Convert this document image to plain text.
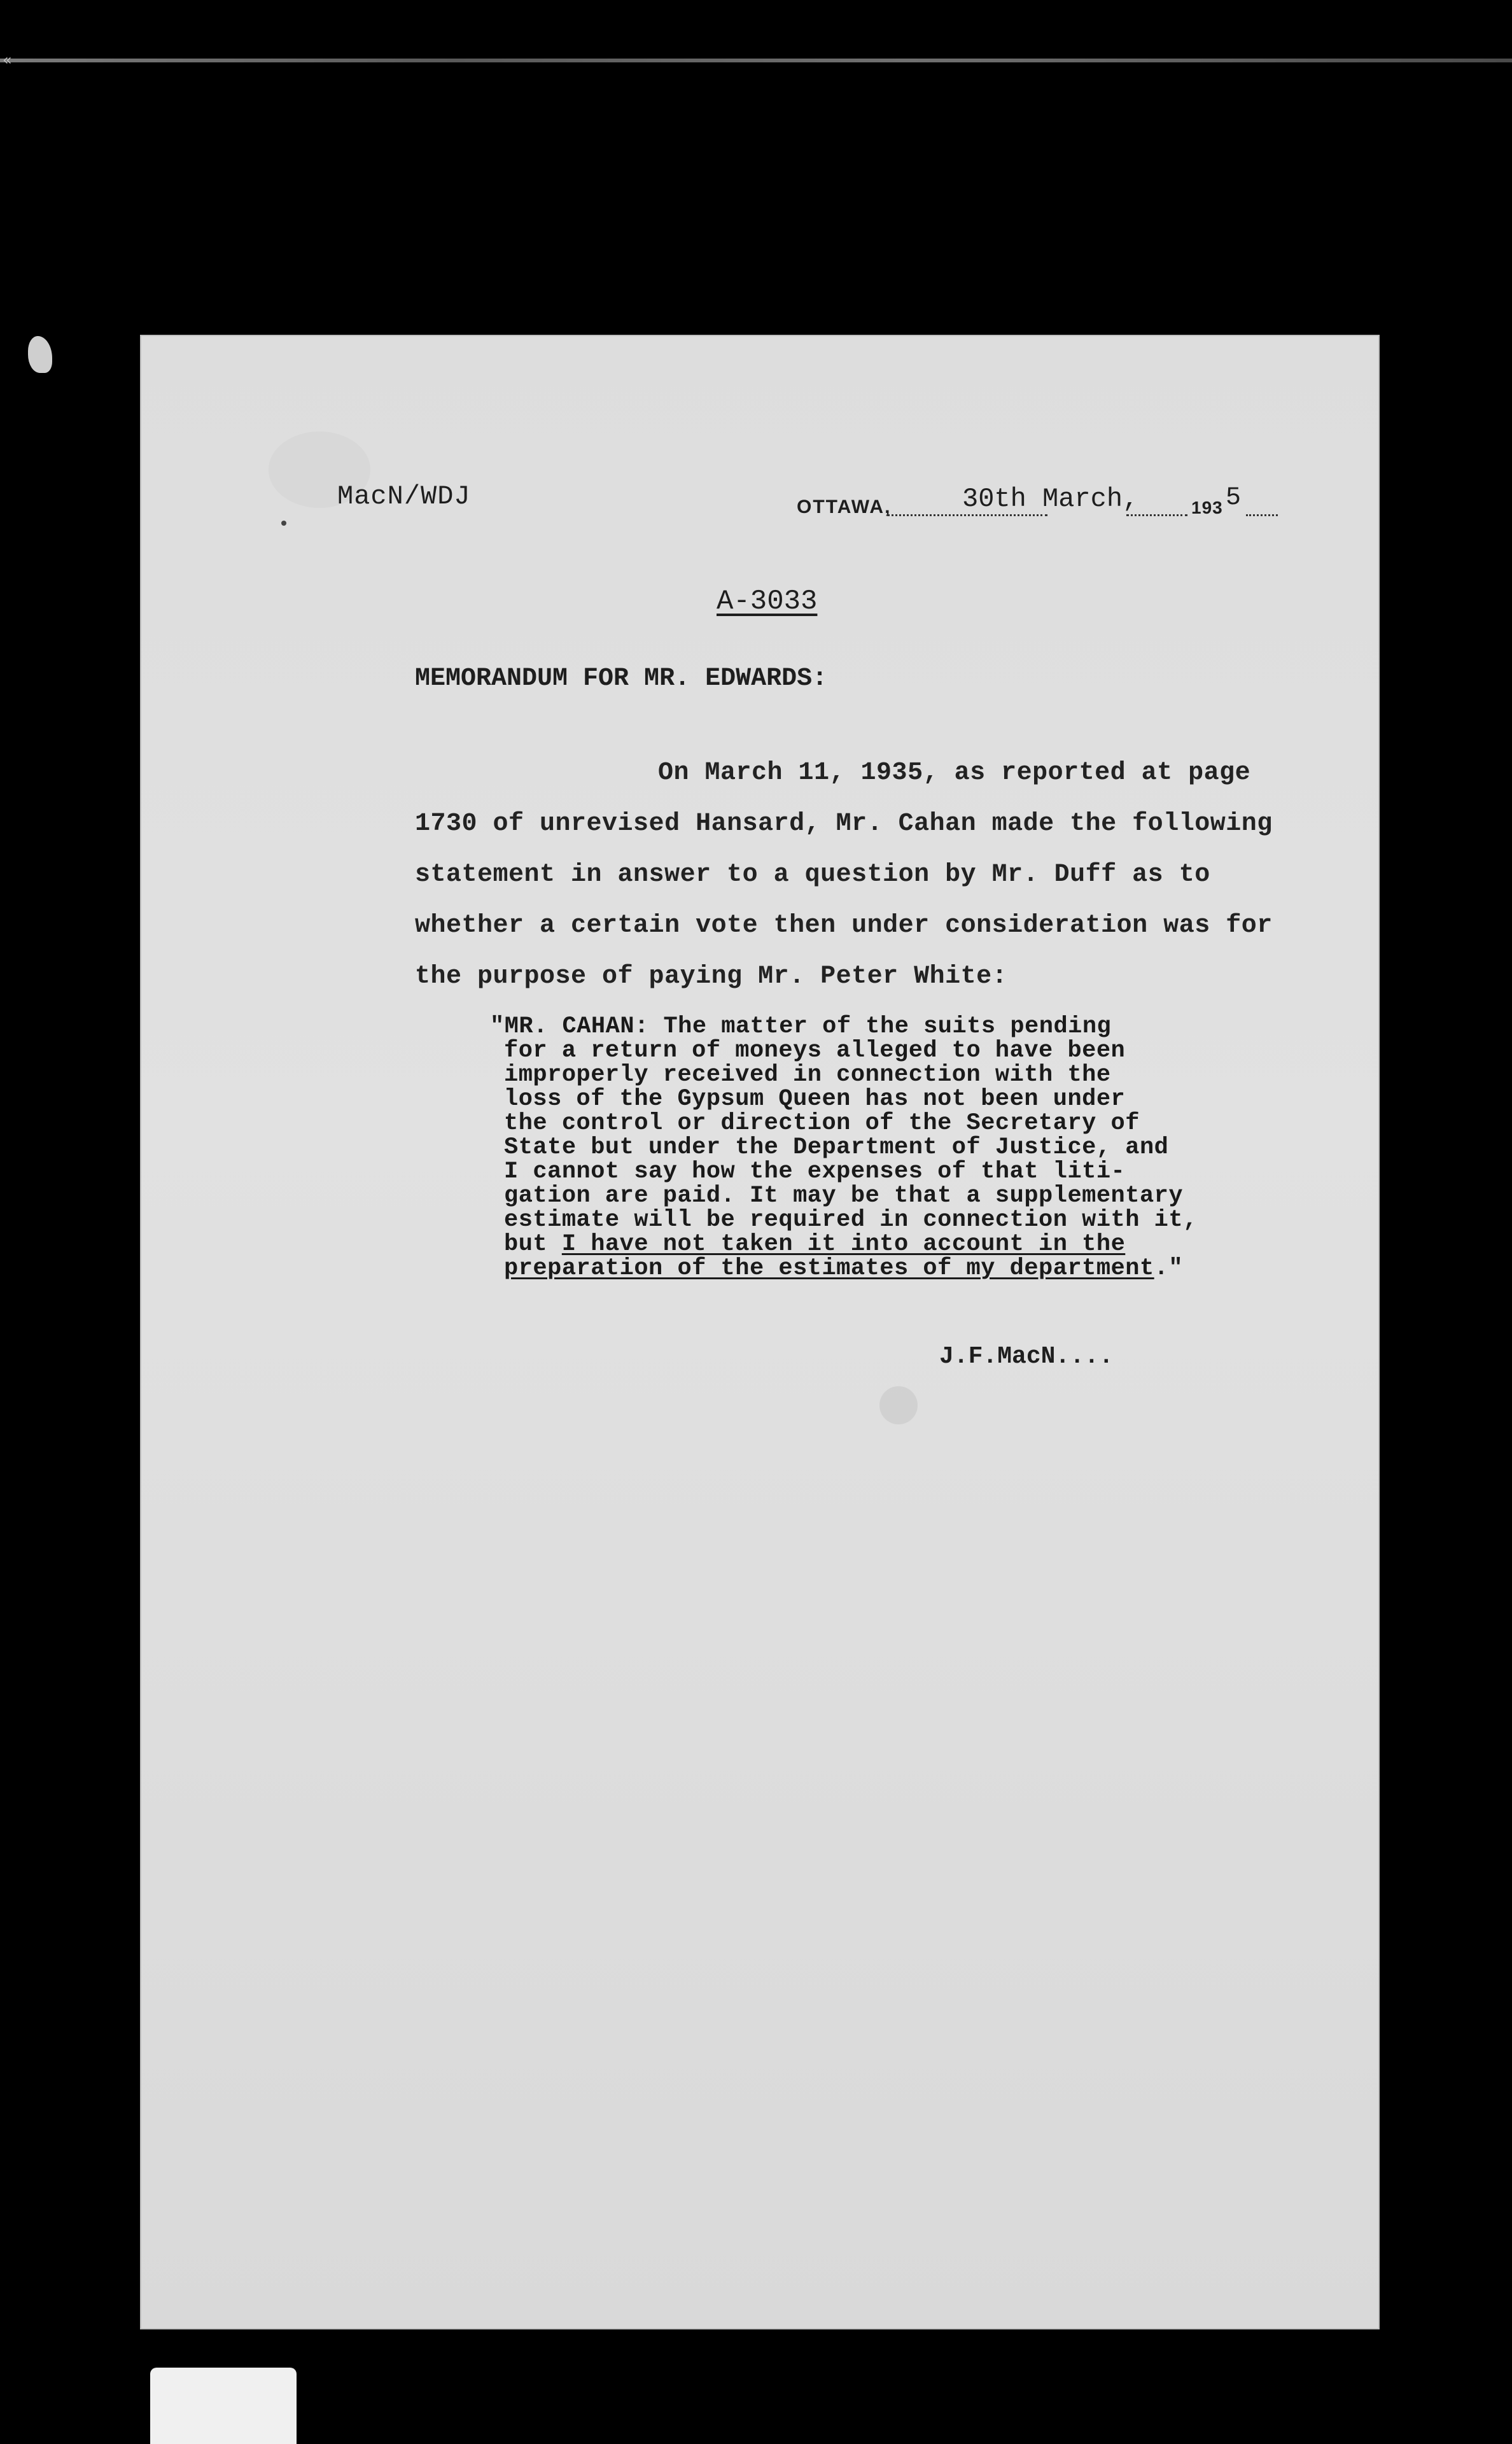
«
MacN/WDJ	OTTAWA,	30th March,	193 5
A-3033
MEMORANDUM FOR MR. EDWARDS:
On March 11, 1935, as reported at page
1730 of unrevised Hansard, Mr. Cahan made the following
statement in answer to a question by Mr. Duff as to
whether a certain vote then under consideration was for
the purpose of paying Mr. Peter White:
"MR. CAHAN: The matter of the suits pending
for a return of moneys alleged to have been
improperly received in connection with the
loss of the Gypsum Queen has not been under
the control or direction of the Secretary of
State but under the Department of Justice, and
I cannot say how the expenses of that liti-
gation are paid. It may be that a supplementary
estimate will be required in connection with it,
but I have not taken it into account in the
preparation of the estimates of my department."
J.F.MacN....
